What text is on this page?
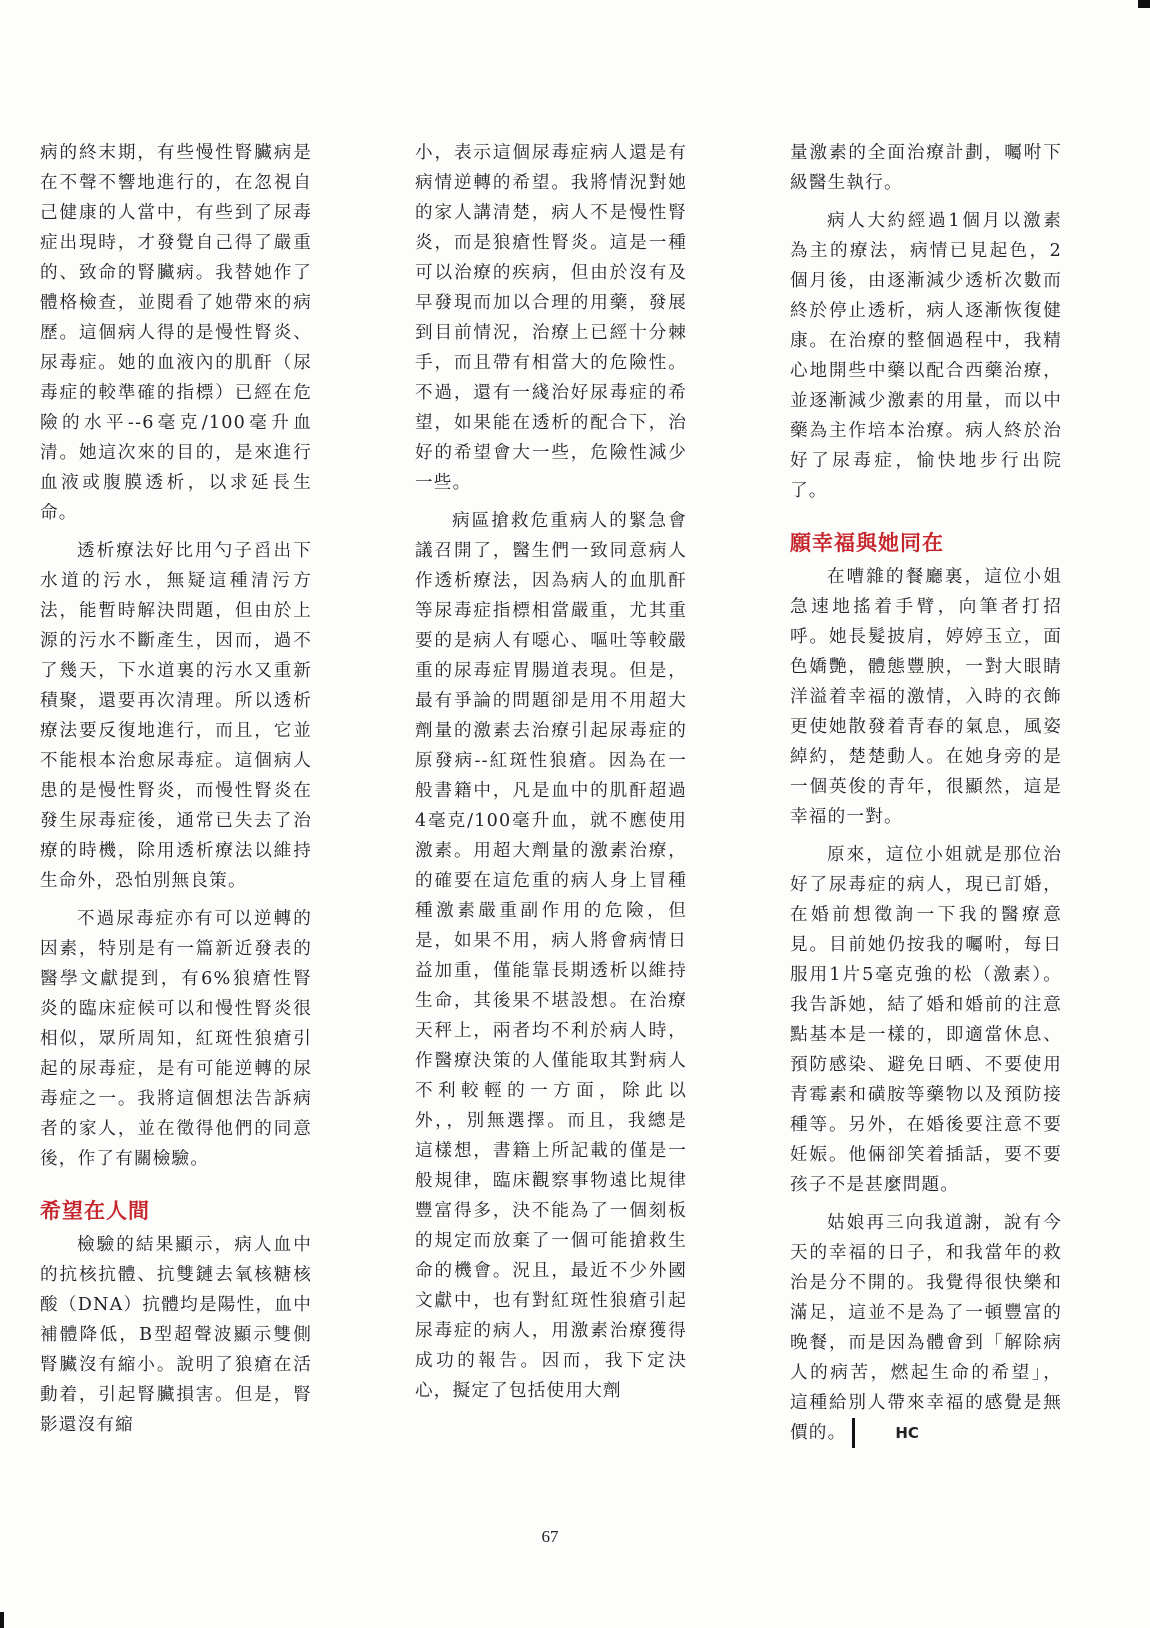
病的終末期，有些慢性腎臟病是在不聲不響地進行的，在忽視自己健康的人當中，有些到了尿毒症出現時，才發覺自己得了嚴重的、致命的腎臟病。我替她作了體格檢查，並閱看了她帶來的病歷。這個病人得的是慢性腎炎、尿毒症。她的血液內的肌酐（尿毒症的較準確的指標）已經在危險的水平--6毫克/100毫升血清。她這次來的目的，是來進行血液或腹膜透析，以求延長生命。

透析療法好比用勺子舀出下水道的污水，無疑這種清污方法，能暫時解決問題，但由於上源的污水不斷產生，因而，過不了幾天，下水道裏的污水又重新積聚，還要再次清理。所以透析療法要反復地進行，而且，它並不能根本治愈尿毒症。這個病人患的是慢性腎炎，而慢性腎炎在發生尿毒症後，通常已失去了治療的時機，除用透析療法以維持生命外，恐怕別無良策。

不過尿毒症亦有可以逆轉的因素，特別是有一篇新近發表的醫學文獻提到，有6%狼瘡性腎炎的臨床症候可以和慢性腎炎很相似，眾所周知，紅斑性狼瘡引起的尿毒症，是有可能逆轉的尿毒症之一。我將這個想法告訴病者的家人，並在徵得他們的同意後，作了有關檢驗。

希望在人間

檢驗的結果顯示，病人血中的抗核抗體、抗雙鏈去氧核糖核酸（DNA）抗體均是陽性，血中補體降低，B型超聲波顯示雙側腎臟沒有縮小。說明了狼瘡在活動着，引起腎臟損害。但是，腎影還沒有縮

小，表示這個尿毒症病人還是有病情逆轉的希望。我將情況對她的家人講清楚，病人不是慢性腎炎，而是狼瘡性腎炎。這是一種可以治療的疾病，但由於沒有及早發現而加以合理的用藥，發展到目前情況，治療上已經十分棘手，而且帶有相當大的危險性。不過，還有一綫治好尿毒症的希望，如果能在透析的配合下，治好的希望會大一些，危險性減少一些。

病區搶救危重病人的緊急會議召開了，醫生們一致同意病人作透析療法，因為病人的血肌酐等尿毒症指標相當嚴重，尤其重要的是病人有噁心、嘔吐等較嚴重的尿毒症胃腸道表現。但是，最有爭論的問題卻是用不用超大劑量的激素去治療引起尿毒症的原發病--紅斑性狼瘡。因為在一般書籍中，凡是血中的肌酐超過4毫克/100毫升血，就不應使用激素。用超大劑量的激素治療，的確要在這危重的病人身上冒種種激素嚴重副作用的危險，但是，如果不用，病人將會病情日益加重，僅能靠長期透析以維持生命，其後果不堪設想。在治療天秤上，兩者均不利於病人時，作醫療決策的人僅能取其對病人不利較輕的一方面，除此以外，，別無選擇。而且，我總是這樣想，書籍上所記載的僅是一般規律，臨床觀察事物遠比規律豐富得多，決不能為了一個刻板的規定而放棄了一個可能搶救生命的機會。況且，最近不少外國文獻中，也有對紅斑性狼瘡引起尿毒症的病人，用激素治療獲得成功的報告。因而，我下定決心，擬定了包括使用大劑

量激素的全面治療計劃，囑咐下級醫生執行。

病人大約經過1個月以激素為主的療法，病情已見起色，2個月後，由逐漸減少透析次數而終於停止透析，病人逐漸恢復健康。在治療的整個過程中，我精心地開些中藥以配合西藥治療，並逐漸減少激素的用量，而以中藥為主作培本治療。病人終於治好了尿毒症，愉快地步行出院了。

願幸福與她同在

在嘈雜的餐廳裏，這位小姐急速地搖着手臂，向筆者打招呼。她長髮披肩，婷婷玉立，面色嬌艷，體態豐腴，一對大眼睛洋溢着幸福的激情，入時的衣飾更使她散發着青春的氣息，風姿綽約，楚楚動人。在她身旁的是一個英俊的青年，很顯然，這是幸福的一對。

原來，這位小姐就是那位治好了尿毒症的病人，現已訂婚，在婚前想徵詢一下我的醫療意見。目前她仍按我的囑咐，每日服用1片5毫克強的松（激素）。我告訴她，結了婚和婚前的注意點基本是一樣的，即適當休息、預防感染、避免日晒、不要使用青霉素和磺胺等藥物以及預防接種等。另外，在婚後要注意不要妊娠。他倆卻笑着插話，要不要孩子不是甚麼問題。

姑娘再三向我道謝，說有今天的幸福的日子，和我當年的救治是分不開的。我覺得很快樂和滿足，這並不是為了一頓豐富的晚餐，而是因為體會到「解除病人的病苦，燃起生命的希望」，這種給別人帶來幸福的感覺是無價的。	HC

67
